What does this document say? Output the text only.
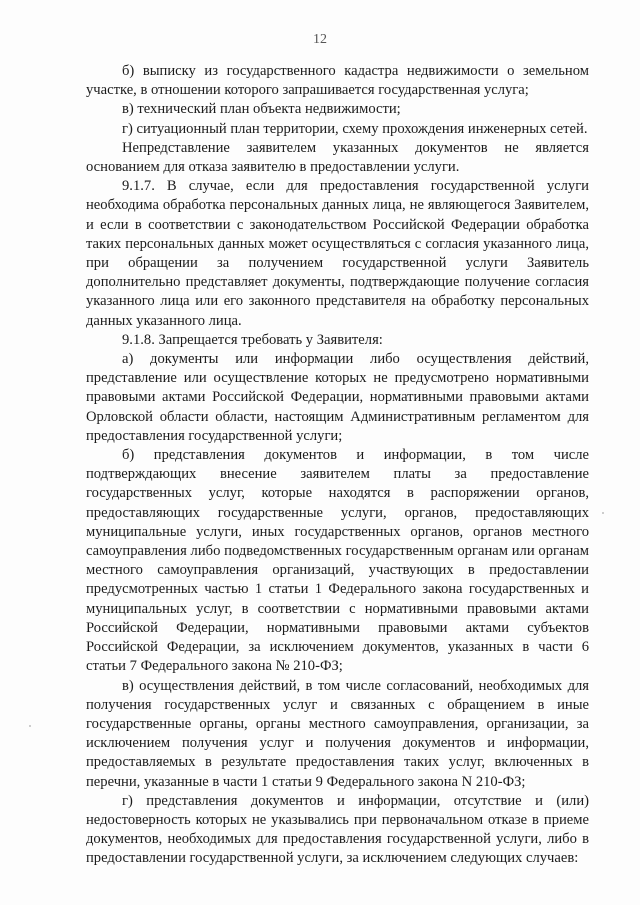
12

б) выписку из государственного кадастра недвижимости о земельном участке, в отношении которого запрашивается государственная услуга;

в) технический план объекта недвижимости;

г) ситуационный план территории, схему прохождения инженерных сетей.

Непредставление заявителем указанных документов не является основанием для отказа заявителю в предоставлении услуги.

9.1.7. В случае, если для предоставления государственной услуги необходима обработка персональных данных лица, не являющегося Заявителем, и если в соответствии с законодательством Российской Федерации обработка таких персональных данных может осуществляться с согласия указанного лица, при обращении за получением государственной услуги Заявитель дополнительно представляет документы, подтверждающие получение согласия указанного лица или его законного представителя на обработку персональных данных указанного лица.

9.1.8. Запрещается требовать у Заявителя:

а) документы или информации либо осуществления действий, представление или осуществление которых не предусмотрено нормативными правовыми актами Российской Федерации, нормативными правовыми актами Орловской области области, настоящим Административным регламентом для предоставления государственной услуги;

б) представления документов и информации, в том числе подтверждающих внесение заявителем платы за предоставление государственных услуг, которые находятся в распоряжении органов, предоставляющих государственные услуги, органов, предоставляющих муниципальные услуги, иных государственных органов, органов местного самоуправления либо подведомственных государственным органам или органам местного самоуправления организаций, участвующих в предоставлении предусмотренных частью 1 статьи 1 Федерального закона государственных и муниципальных услуг, в соответствии с нормативными правовыми актами Российской Федерации, нормативными правовыми актами субъектов Российской Федерации, за исключением документов, указанных в части 6 статьи 7 Федерального закона № 210-ФЗ;

в) осуществления действий, в том числе согласований, необходимых для получения государственных услуг и связанных с обращением в иные государственные органы, органы местного самоуправления, организации, за исключением получения услуг и получения документов и информации, предоставляемых в результате предоставления таких услуг, включенных в перечни, указанные в части 1 статьи 9 Федерального закона N 210-ФЗ;

г) представления документов и информации, отсутствие и (или) недостоверность которых не указывались при первоначальном отказе в приеме документов, необходимых для предоставления государственной услуги, либо в предоставлении государственной услуги, за исключением следующих случаев:
